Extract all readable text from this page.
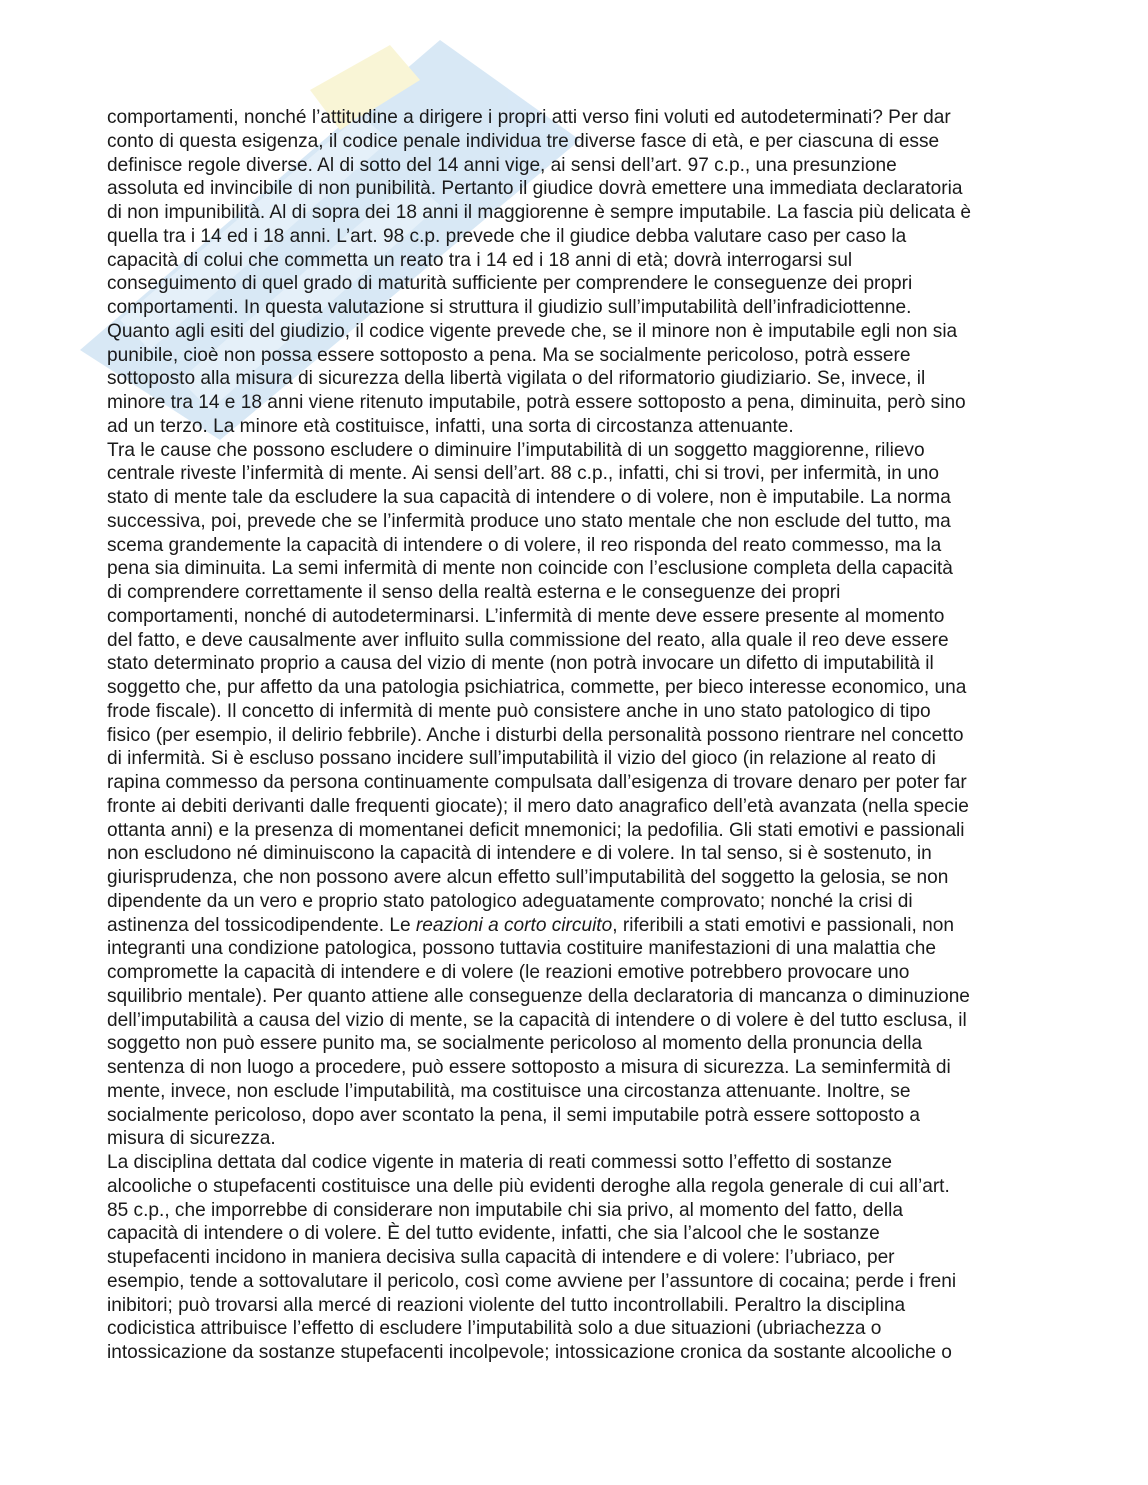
comportamenti, nonché l’attitudine a dirigere i propri atti verso fini voluti ed autodeterminati? Per dar
conto di questa esigenza, il codice penale individua tre diverse fasce di età, e per ciascuna di esse
definisce regole diverse. Al di sotto del 14 anni vige, ai sensi dell’art. 97 c.p., una presunzione
assoluta ed invincibile di non punibilità. Pertanto il giudice dovrà emettere una immediata declaratoria
di non impunibilità. Al di sopra dei 18 anni il maggiorenne è sempre imputabile. La fascia più delicata è
quella tra i 14 ed i 18 anni. L’art. 98 c.p. prevede che il giudice debba valutare caso per caso la
capacità di colui che commetta un reato tra i 14 ed i 18 anni di età; dovrà interrogarsi sul
conseguimento di quel grado di maturità sufficiente per comprendere le conseguenze dei propri
comportamenti. In questa valutazione si struttura il giudizio sull’imputabilità dell’infradiciottenne.
Quanto agli esiti del giudizio, il codice vigente prevede che, se il minore non è imputabile egli non sia
punibile, cioè non possa essere sottoposto a pena. Ma se socialmente pericoloso, potrà essere
sottoposto alla misura di sicurezza della libertà vigilata o del riformatorio giudiziario. Se, invece, il
minore tra 14 e 18 anni viene ritenuto imputabile, potrà essere sottoposto a pena, diminuita, però sino
ad un terzo. La minore età costituisce, infatti, una sorta di circostanza attenuante.
Tra le cause che possono escludere o diminuire l’imputabilità di un soggetto maggiorenne, rilievo
centrale riveste l’infermità di mente. Ai sensi dell’art. 88 c.p., infatti, chi si trovi, per infermità, in uno
stato di mente tale da escludere la sua capacità di intendere o di volere, non è imputabile. La norma
successiva, poi, prevede che se l’infermità produce uno stato mentale che non esclude del tutto, ma
scema grandemente la capacità di intendere o di volere, il reo risponda del reato commesso, ma la
pena sia diminuita. La semi infermità di mente non coincide con l’esclusione completa della capacità
di comprendere correttamente il senso della realtà esterna e le conseguenze dei propri
comportamenti, nonché di autodeterminarsi. L’infermità di mente deve essere presente al momento
del fatto, e deve causalmente aver influito sulla commissione del reato, alla quale il reo deve essere
stato determinato proprio a causa del vizio di mente (non potrà invocare un difetto di imputabilità il
soggetto che, pur affetto da una patologia psichiatrica, commette, per bieco interesse economico, una
frode fiscale). Il concetto di infermità di mente può consistere anche in uno stato patologico di tipo
fisico (per esempio, il delirio febbrile). Anche i disturbi della personalità possono rientrare nel concetto
di infermità. Si è escluso possano incidere sull’imputabilità il vizio del gioco (in relazione al reato di
rapina commesso da persona continuamente compulsata dall’esigenza di trovare denaro per poter far
fronte ai debiti derivanti dalle frequenti giocate); il mero dato anagrafico dell’età avanzata (nella specie
ottanta anni) e la presenza di momentanei deficit mnemonici; la pedofilia. Gli stati emotivi e passionali
non escludono né diminuiscono la capacità di intendere e di volere. In tal senso, si è sostenuto, in
giurisprudenza, che non possono avere alcun effetto sull’imputabilità del soggetto la gelosia, se non
dipendente da un vero e proprio stato patologico adeguatamente comprovato; nonché la crisi di
astinenza del tossicodipendente. Le reazioni a corto circuito, riferibili a stati emotivi e passionali, non
integranti una condizione patologica, possono tuttavia costituire manifestazioni di una malattia che
compromette la capacità di intendere e di volere (le reazioni emotive potrebbero provocare uno
squilibrio mentale). Per quanto attiene alle conseguenze della declaratoria di mancanza o diminuzione
dell’imputabilità a causa del vizio di mente, se la capacità di intendere o di volere è del tutto esclusa, il
soggetto non può essere punito ma, se socialmente pericoloso al momento della pronuncia della
sentenza di non luogo a procedere, può essere sottoposto a misura di sicurezza. La seminfermità di
mente, invece, non esclude l’imputabilità, ma costituisce una circostanza attenuante. Inoltre, se
socialmente pericoloso, dopo aver scontato la pena, il semi imputabile potrà essere sottoposto a
misura di sicurezza.
La disciplina dettata dal codice vigente in materia di reati commessi sotto l’effetto di sostanze
alcooliche o stupefacenti costituisce una delle più evidenti deroghe alla regola generale di cui all’art.
85 c.p., che imporrebbe di considerare non imputabile chi sia privo, al momento del fatto, della
capacità di intendere o di volere. È del tutto evidente, infatti, che sia l’alcool che le sostanze
stupefacenti incidono in maniera decisiva sulla capacità di intendere e di volere: l’ubriaco, per
esempio, tende a sottovalutare il pericolo, così come avviene per l’assuntore di cocaina; perde i freni
inibitori; può trovarsi alla mercé di reazioni violente del tutto incontrollabili. Peraltro la disciplina
codicistica attribuisce l’effetto di escludere l’imputabilità solo a due situazioni (ubriachezza o
intossicazione da sostanze stupefacenti incolpevole; intossicazione cronica da sostante alcooliche o
